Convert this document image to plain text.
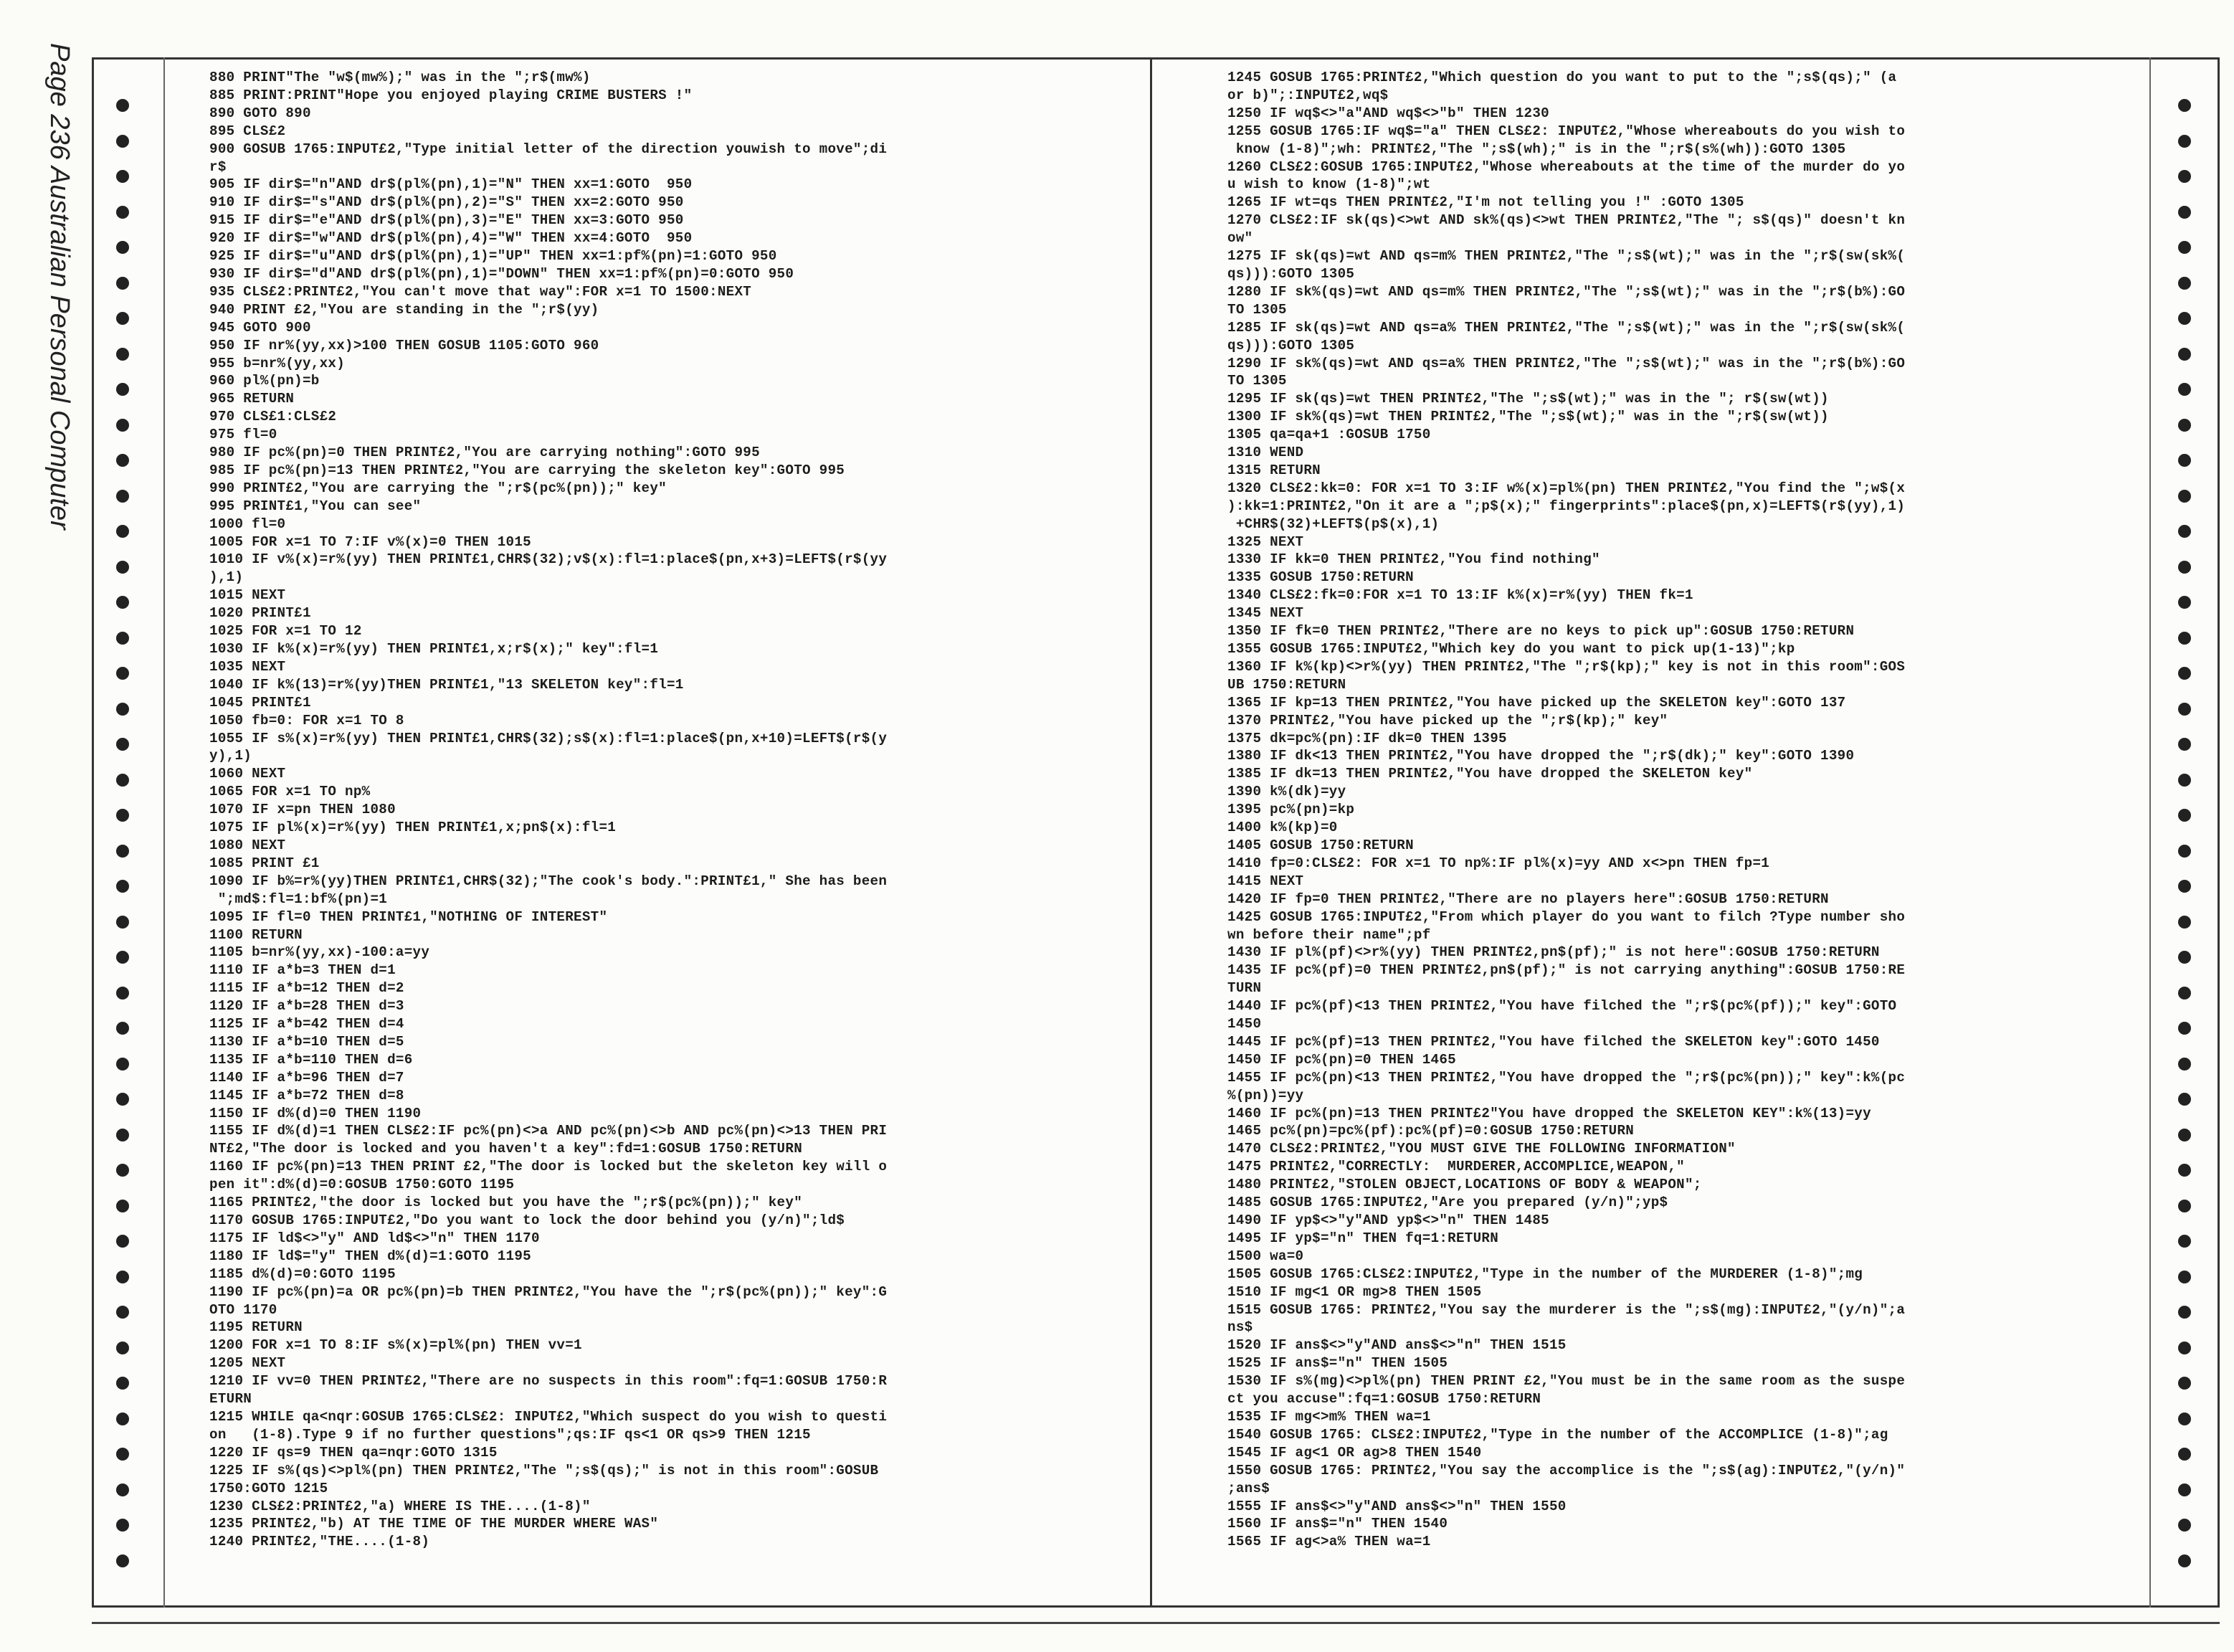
Page 236 Australian Personal Computer	880 PRINT"The "w$(mw%);" was in the ";r$(mw%)
885 PRINT:PRINT"Hope you enjoyed playing CRIME BUSTERS !"
890 GOTO 890
895 CLS£2
900 GOSUB 1765:INPUT£2,"Type initial letter of the direction youwish to move";di
r$
905 IF dir$="n"AND dr$(pl%(pn),1)="N" THEN xx=1:GOTO  950
910 IF dir$="s"AND dr$(pl%(pn),2)="S" THEN xx=2:GOTO 950
915 IF dir$="e"AND dr$(pl%(pn),3)="E" THEN xx=3:GOTO 950
920 IF dir$="w"AND dr$(pl%(pn),4)="W" THEN xx=4:GOTO  950
925 IF dir$="u"AND dr$(pl%(pn),1)="UP" THEN xx=1:pf%(pn)=1:GOTO 950
930 IF dir$="d"AND dr$(pl%(pn),1)="DOWN" THEN xx=1:pf%(pn)=0:GOTO 950
935 CLS£2:PRINT£2,"You can't move that way":FOR x=1 TO 1500:NEXT
940 PRINT £2,"You are standing in the ";r$(yy)
945 GOTO 900
950 IF nr%(yy,xx)>100 THEN GOSUB 1105:GOTO 960
955 b=nr%(yy,xx)
960 pl%(pn)=b
965 RETURN
970 CLS£1:CLS£2
975 fl=0
980 IF pc%(pn)=0 THEN PRINT£2,"You are carrying nothing":GOTO 995
985 IF pc%(pn)=13 THEN PRINT£2,"You are carrying the skeleton key":GOTO 995
990 PRINT£2,"You are carrying the ";r$(pc%(pn));" key"
995 PRINT£1,"You can see"
1000 fl=0
1005 FOR x=1 TO 7:IF v%(x)=0 THEN 1015
1010 IF v%(x)=r%(yy) THEN PRINT£1,CHR$(32);v$(x):fl=1:place$(pn,x+3)=LEFT$(r$(yy
),1)
1015 NEXT
1020 PRINT£1
1025 FOR x=1 TO 12
1030 IF k%(x)=r%(yy) THEN PRINT£1,x;r$(x);" key":fl=1
1035 NEXT
1040 IF k%(13)=r%(yy)THEN PRINT£1,"13 SKELETON key":fl=1
1045 PRINT£1
1050 fb=0: FOR x=1 TO 8
1055 IF s%(x)=r%(yy) THEN PRINT£1,CHR$(32);s$(x):fl=1:place$(pn,x+10)=LEFT$(r$(y
y),1)
1060 NEXT
1065 FOR x=1 TO np%
1070 IF x=pn THEN 1080
1075 IF pl%(x)=r%(yy) THEN PRINT£1,x;pn$(x):fl=1
1080 NEXT
1085 PRINT £1
1090 IF b%=r%(yy)THEN PRINT£1,CHR$(32);"The cook's body.":PRINT£1," She has been
";md$:fl=1:bf%(pn)=1
1095 IF fl=0 THEN PRINT£1,"NOTHING OF INTEREST"
1100 RETURN
1105 b=nr%(yy,xx)-100:a=yy
1110 IF a*b=3 THEN d=1
1115 IF a*b=12 THEN d=2
1120 IF a*b=28 THEN d=3
1125 IF a*b=42 THEN d=4
1130 IF a*b=10 THEN d=5
1135 IF a*b=110 THEN d=6
1140 IF a*b=96 THEN d=7
1145 IF a*b=72 THEN d=8
1150 IF d%(d)=0 THEN 1190
1155 IF d%(d)=1 THEN CLS£2:IF pc%(pn)<>a AND pc%(pn)<>b AND pc%(pn)<>13 THEN PRI
NT£2,"The door is locked and you haven't a key":fd=1:GOSUB 1750:RETURN
1160 IF pc%(pn)=13 THEN PRINT £2,"The door is locked but the skeleton key will o
pen it":d%(d)=0:GOSUB 1750:GOTO 1195
1165 PRINT£2,"the door is locked but you have the ";r$(pc%(pn));" key"
1170 GOSUB 1765:INPUT£2,"Do you want to lock the door behind you (y/n)";ld$
1175 IF ld$<>"y" AND ld$<>"n" THEN 1170
1180 IF ld$="y" THEN d%(d)=1:GOTO 1195
1185 d%(d)=0:GOTO 1195
1190 IF pc%(pn)=a OR pc%(pn)=b THEN PRINT£2,"You have the ";r$(pc%(pn));" key":G
OTO 1170
1195 RETURN
1200 FOR x=1 TO 8:IF s%(x)=pl%(pn) THEN vv=1
1205 NEXT
1210 IF vv=0 THEN PRINT£2,"There are no suspects in this room":fq=1:GOSUB 1750:R
ETURN
1215 WHILE qa<nqr:GOSUB 1765:CLS£2: INPUT£2,"Which suspect do you wish to questi
on   (1-8).Type 9 if no further questions";qs:IF qs<1 OR qs>9 THEN 1215
1220 IF qs=9 THEN qa=nqr:GOTO 1315
1225 IF s%(qs)<>pl%(pn) THEN PRINT£2,"The ";s$(qs);" is not in this room":GOSUB
1750:GOTO 1215
1230 CLS£2:PRINT£2,"a) WHERE IS THE....(1-8)"
1235 PRINT£2,"b) AT THE TIME OF THE MURDER WHERE WAS"
1240 PRINT£2,"THE....(1-8)
1245 GOSUB 1765:PRINT£2,"Which question do you want to put to the ";s$(qs);" (a
or b)";:INPUT£2,wq$
1250 IF wq$<>"a"AND wq$<>"b" THEN 1230
1255 GOSUB 1765:IF wq$="a" THEN CLS£2: INPUT£2,"Whose whereabouts do you wish to
know (1-8)";wh: PRINT£2,"The ";s$(wh);" is in the ";r$(s%(wh)):GOTO 1305
1260 CLS£2:GOSUB 1765:INPUT£2,"Whose whereabouts at the time of the murder do yo
u wish to know (1-8)";wt
1265 IF wt=qs THEN PRINT£2,"I'm not telling you !" :GOTO 1305
1270 CLS£2:IF sk(qs)<>wt AND sk%(qs)<>wt THEN PRINT£2,"The "; s$(qs)" doesn't kn
ow"
1275 IF sk(qs)=wt AND qs=m% THEN PRINT£2,"The ";s$(wt);" was in the ";r$(sw(sk%(
qs))):GOTO 1305
1280 IF sk%(qs)=wt AND qs=m% THEN PRINT£2,"The ";s$(wt);" was in the ";r$(b%):GO
TO 1305
1285 IF sk(qs)=wt AND qs=a% THEN PRINT£2,"The ";s$(wt);" was in the ";r$(sw(sk%(
qs))):GOTO 1305
1290 IF sk%(qs)=wt AND qs=a% THEN PRINT£2,"The ";s$(wt);" was in the ";r$(b%):GO
TO 1305
1295 IF sk(qs)=wt THEN PRINT£2,"The ";s$(wt);" was in the "; r$(sw(wt))
1300 IF sk%(qs)=wt THEN PRINT£2,"The ";s$(wt);" was in the ";r$(sw(wt))
1305 qa=qa+1 :GOSUB 1750
1310 WEND
1315 RETURN
1320 CLS£2:kk=0: FOR x=1 TO 3:IF w%(x)=pl%(pn) THEN PRINT£2,"You find the ";w$(x
):kk=1:PRINT£2,"On it are a ";p$(x);" fingerprints":place$(pn,x)=LEFT$(r$(yy),1)
+CHR$(32)+LEFT$(p$(x),1)
1325 NEXT
1330 IF kk=0 THEN PRINT£2,"You find nothing"
1335 GOSUB 1750:RETURN
1340 CLS£2:fk=0:FOR x=1 TO 13:IF k%(x)=r%(yy) THEN fk=1
1345 NEXT
1350 IF fk=0 THEN PRINT£2,"There are no keys to pick up":GOSUB 1750:RETURN
1355 GOSUB 1765:INPUT£2,"Which key do you want to pick up(1-13)";kp
1360 IF k%(kp)<>r%(yy) THEN PRINT£2,"The ";r$(kp);" key is not in this room":GOS
UB 1750:RETURN
1365 IF kp=13 THEN PRINT£2,"You have picked up the SKELETON key":GOTO 137
1370 PRINT£2,"You have picked up the ";r$(kp);" key"
1375 dk=pc%(pn):IF dk=0 THEN 1395
1380 IF dk<13 THEN PRINT£2,"You have dropped the ";r$(dk);" key":GOTO 1390
1385 IF dk=13 THEN PRINT£2,"You have dropped the SKELETON key"
1390 k%(dk)=yy
1395 pc%(pn)=kp
1400 k%(kp)=0
1405 GOSUB 1750:RETURN
1410 fp=0:CLS£2: FOR x=1 TO np%:IF pl%(x)=yy AND x<>pn THEN fp=1
1415 NEXT
1420 IF fp=0 THEN PRINT£2,"There are no players here":GOSUB 1750:RETURN
1425 GOSUB 1765:INPUT£2,"From which player do you want to filch ?Type number sho
wn before their name";pf
1430 IF pl%(pf)<>r%(yy) THEN PRINT£2,pn$(pf);" is not here":GOSUB 1750:RETURN
1435 IF pc%(pf)=0 THEN PRINT£2,pn$(pf);" is not carrying anything":GOSUB 1750:RE
TURN
1440 IF pc%(pf)<13 THEN PRINT£2,"You have filched the ";r$(pc%(pf));" key":GOTO
1450
1445 IF pc%(pf)=13 THEN PRINT£2,"You have filched the SKELETON key":GOTO 1450
1450 IF pc%(pn)=0 THEN 1465
1455 IF pc%(pn)<13 THEN PRINT£2,"You have dropped the ";r$(pc%(pn));" key":k%(pc
%(pn))=yy
1460 IF pc%(pn)=13 THEN PRINT£2"You have dropped the SKELETON KEY":k%(13)=yy
1465 pc%(pn)=pc%(pf):pc%(pf)=0:GOSUB 1750:RETURN
1470 CLS£2:PRINT£2,"YOU MUST GIVE THE FOLLOWING INFORMATION"
1475 PRINT£2,"CORRECTLY:  MURDERER,ACCOMPLICE,WEAPON,"
1480 PRINT£2,"STOLEN OBJECT,LOCATIONS OF BODY & WEAPON";
1485 GOSUB 1765:INPUT£2,"Are you prepared (y/n)";yp$
1490 IF yp$<>"y"AND yp$<>"n" THEN 1485
1495 IF yp$="n" THEN fq=1:RETURN
1500 wa=0
1505 GOSUB 1765:CLS£2:INPUT£2,"Type in the number of the MURDERER (1-8)";mg
1510 IF mg<1 OR mg>8 THEN 1505
1515 GOSUB 1765: PRINT£2,"You say the murderer is the ";s$(mg):INPUT£2,"(y/n)";a
ns$
1520 IF ans$<>"y"AND ans$<>"n" THEN 1515
1525 IF ans$="n" THEN 1505
1530 IF s%(mg)<>pl%(pn) THEN PRINT £2,"You must be in the same room as the suspe
ct you accuse":fq=1:GOSUB 1750:RETURN
1535 IF mg<>m% THEN wa=1
1540 GOSUB 1765: CLS£2:INPUT£2,"Type in the number of the ACCOMPLICE (1-8)";ag
1545 IF ag<1 OR ag>8 THEN 1540
1550 GOSUB 1765: PRINT£2,"You say the accomplice is the ";s$(ag):INPUT£2,"(y/n)"
;ans$
1555 IF ans$<>"y"AND ans$<>"n" THEN 1550
1560 IF ans$="n" THEN 1540
1565 IF ag<>a% THEN wa=1
